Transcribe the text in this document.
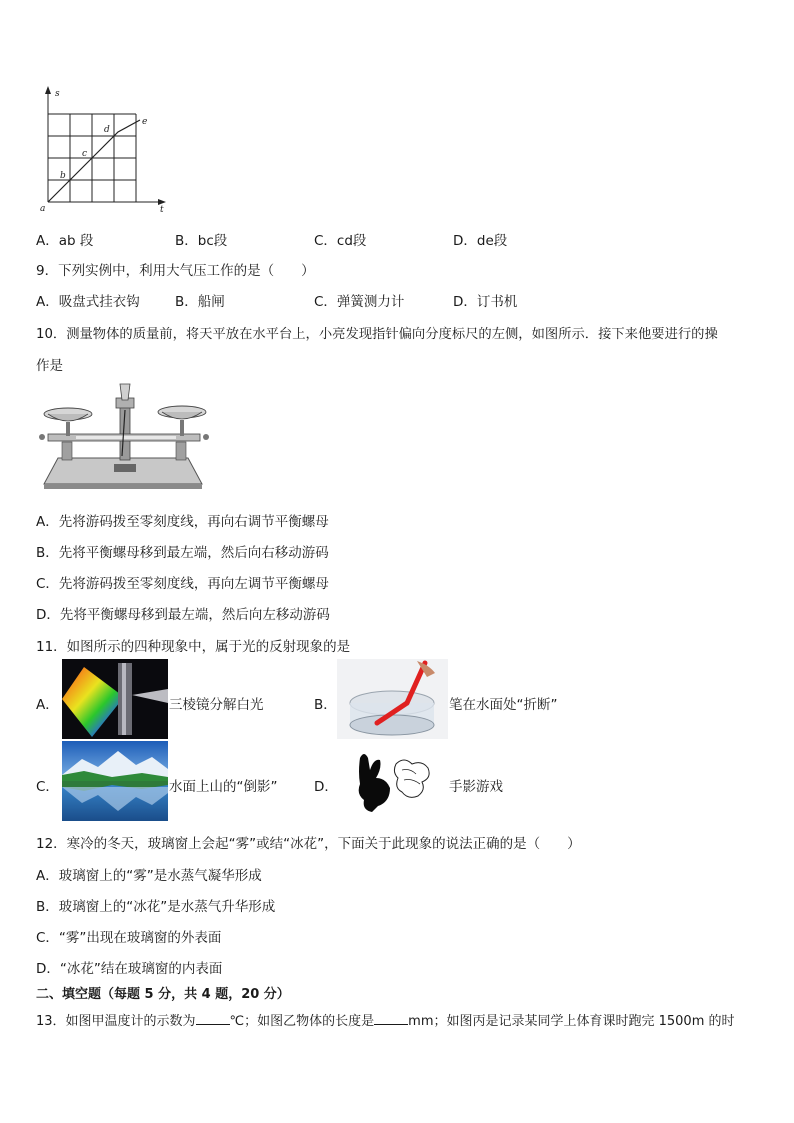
s
t
a
b
c
d
e
A．ab 段	B．bc段	C．cd段	D．de段
9．下列实例中，利用大气压工作的是（　　）
A．吸盘式挂衣钩	B．船闸	C．弹簧测力计	D．订书机
10．测量物体的质量前，将天平放在水平台上，小亮发现指针偏向分度标尺的左侧，如图所示．接下来他要进行的操
作是
A．先将游码拨至零刻度线，再向右调节平衡螺母
B．先将平衡螺母移到最左端，然后向右移动游码
C．先将游码拨至零刻度线，再向左调节平衡螺母
D．先将平衡螺母移到最左端，然后向左移动游码
11．如图所示的四种现象中，属于光的反射现象的是
A．	三棱镜分解白光	B．	笔在水面处“折断”
C．	水面上山的“倒影”	D．	手影游戏
12．寒冷的冬天，玻璃窗上会起“雾”或结“冰花”，下面关于此现象的说法正确的是（　　）
A．玻璃窗上的“雾”是水蒸气凝华形成
B．玻璃窗上的“冰花”是水蒸气升华形成
C．“雾”出现在玻璃窗的外表面
D．“冰花”结在玻璃窗的内表面
二、填空题（每题 5 分，共 4 题，20 分）
13．如图甲温度计的示数为	℃；如图乙物体的长度是	mm；如图丙是记录某同学上体育课时跑完 1500m 的时
